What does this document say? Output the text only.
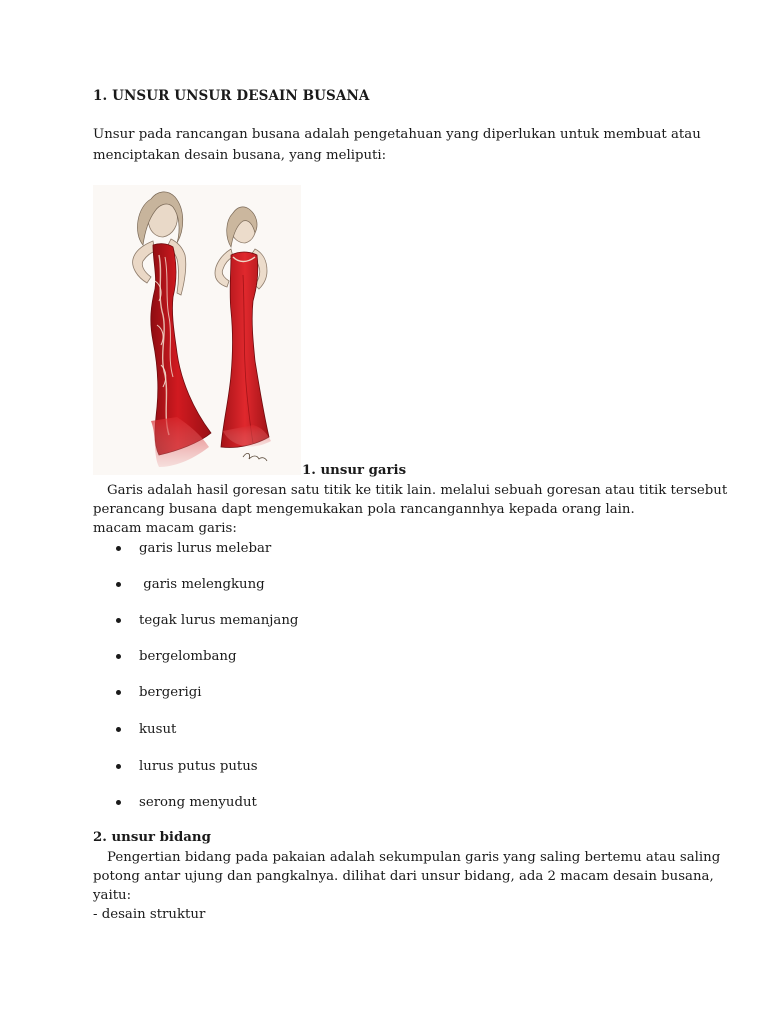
1. UNSUR UNSUR DESAIN BUSANA
Unsur pada rancangan busana adalah pengetahuan yang diperlukan untuk membuat atau
menciptakan desain busana, yang meliputi:
1. unsur garis
Garis adalah hasil goresan satu titik ke titik lain. melalui sebuah goresan atau titik tersebut
perancang busana dapt mengemukakan pola rancangannhya kepada orang lain.
macam macam garis:
garis lurus melebar
garis melengkung
tegak lurus memanjang
bergelombang
bergerigi
kusut
lurus putus putus
serong menyudut
2. unsur bidang
Pengertian bidang pada pakaian adalah sekumpulan garis yang saling bertemu atau saling
potong antar ujung dan pangkalnya. dilihat dari unsur bidang, ada 2 macam desain busana,
yaitu:
- desain struktur
